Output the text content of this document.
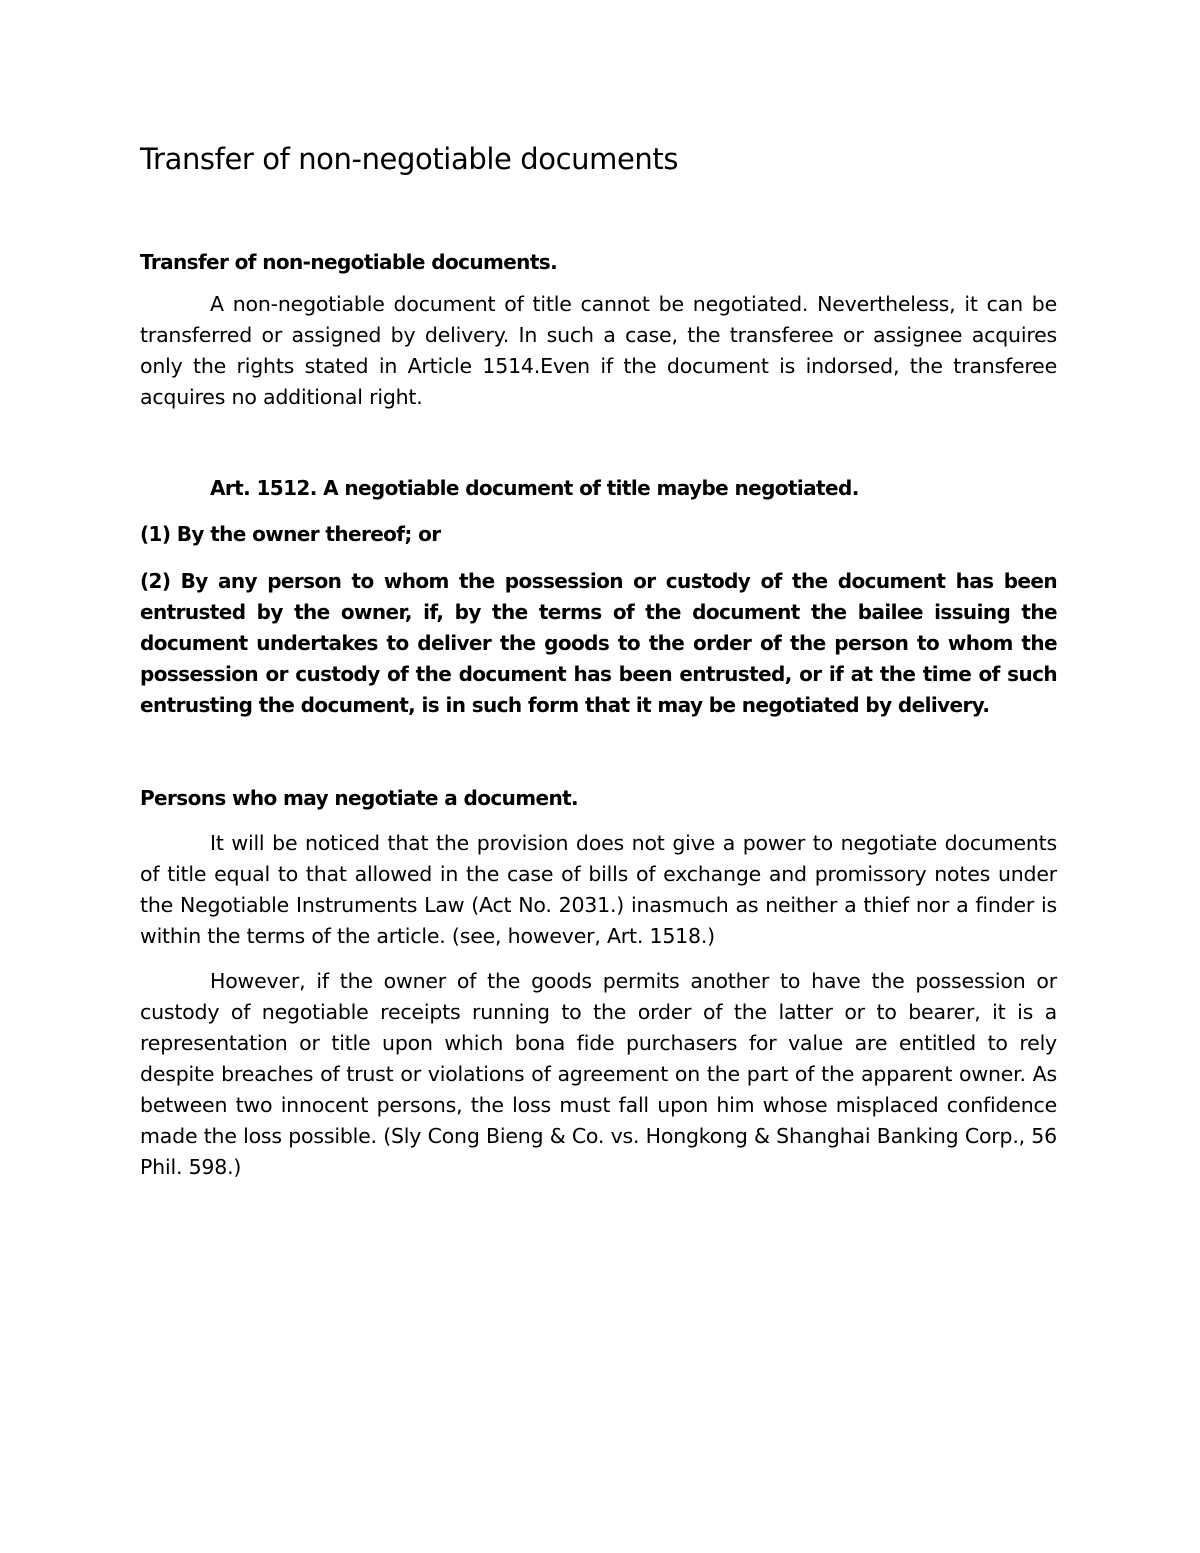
Transfer of non-negotiable documents
Transfer of non-negotiable documents.

A non-negotiable document of title cannot be negotiated. Nevertheless, it can be transferred or assigned by delivery. In such a case, the transferee or assignee acquires only the rights stated in Article 1514.Even if the document is indorsed, the transferee acquires no additional right.

Art. 1512. A negotiable document of title maybe negotiated.

(1) By the owner thereof; or

(2) By any person to whom the possession or custody of the document has been entrusted by the owner, if, by the terms of the document the bailee issuing the document undertakes to deliver the goods to the order of the person to whom the possession or custody of the document has been entrusted, or if at the time of such entrusting the document, is in such form that it may be negotiated by delivery.

Persons who may negotiate a document.

It will be noticed that the provision does not give a power to negotiate documents of title equal to that allowed in the case of bills of exchange and promissory notes under the Negotiable Instruments Law (Act No. 2031.) inasmuch as neither a thief nor a finder is within the terms of the article. (see, however, Art. 1518.)

However, if the owner of the goods permits another to have the possession or custody of negotiable receipts running to the order of the latter or to bearer, it is a representation or title upon which bona fide purchasers for value are entitled to rely despite breaches of trust or violations of agreement on the part of the apparent owner. As between two innocent persons, the loss must fall upon him whose misplaced confidence made the loss possible. (Sly Cong Bieng & Co. vs. Hongkong & Shanghai Banking Corp., 56 Phil. 598.)
